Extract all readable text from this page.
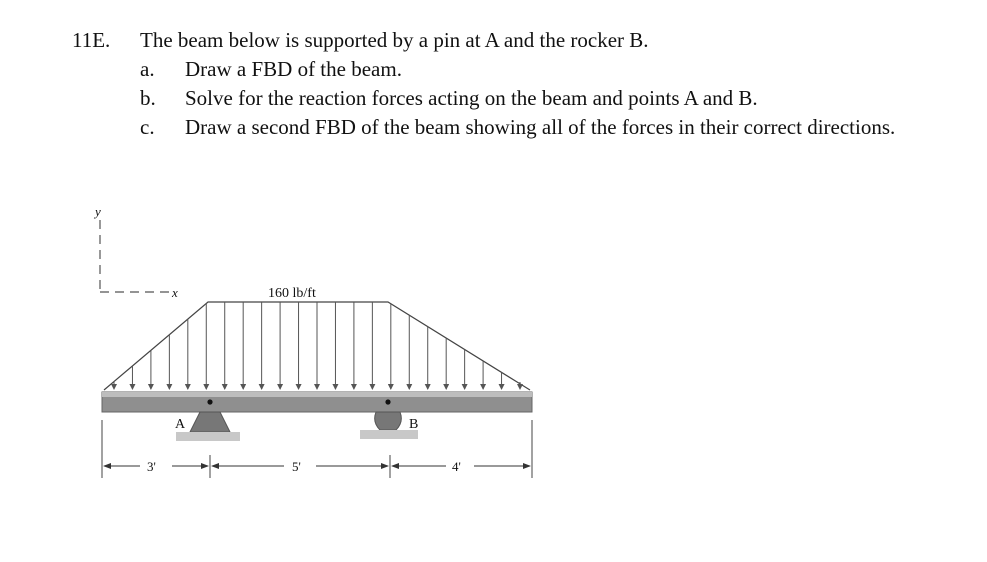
11E.	The beam below is supported by a pin at A and the rocker B.
a.	Draw a FBD of the beam.
b.	Solve for the reaction forces acting on the beam and points A and B.
c.	Draw a second FBD of the beam showing all of the forces in their correct directions.
y
x	160 lb/ft
A	B
3'	5'	4'
